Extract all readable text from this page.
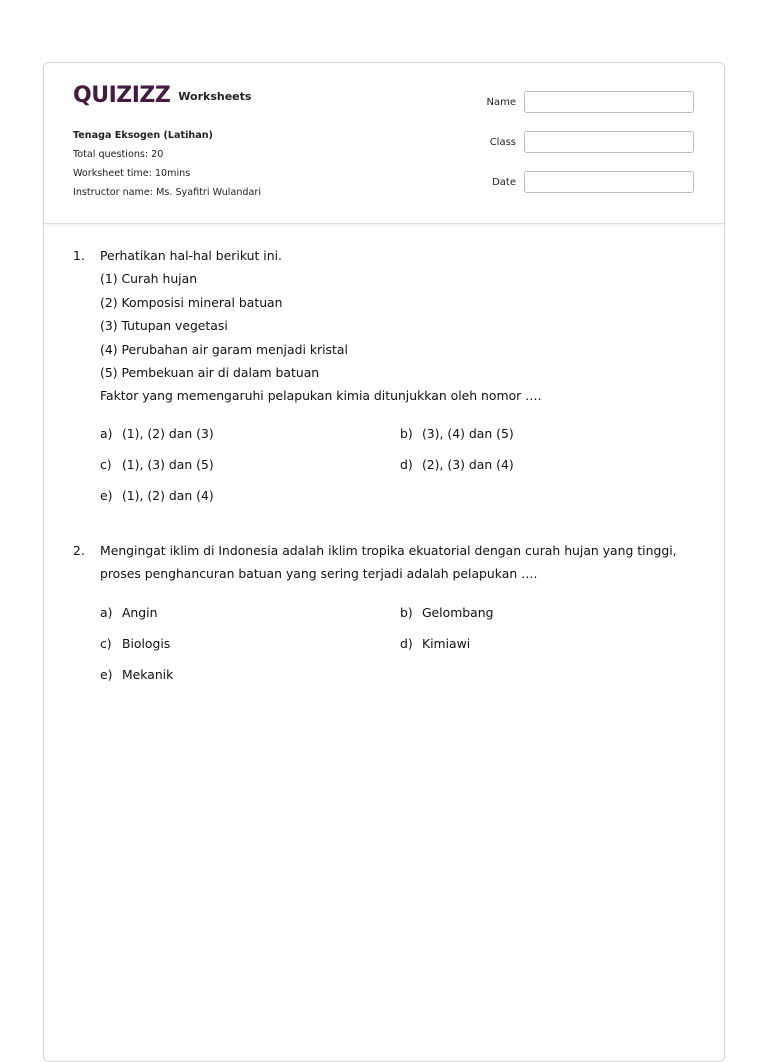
QUIZIZZ Worksheets
Tenaga Eksogen (Latihan)
Total questions: 20
Worksheet time: 10mins
Instructor name: Ms. Syafitri Wulandari
Name
Class
Date
1.	Perhatikan hal-hal berikut ini.
(1) Curah hujan
(2) Komposisi mineral batuan
(3) Tutupan vegetasi
(4) Perubahan air garam menjadi kristal
(5) Pembekuan air di dalam batuan
Faktor yang memengaruhi pelapukan kimia ditunjukkan oleh nomor ….
a) (1), (2) dan (3)	b) (3), (4) dan (5)
c) (1), (3) dan (5)	d) (2), (3) dan (4)
e) (1), (2) dan (4)
2.	Mengingat iklim di Indonesia adalah iklim tropika ekuatorial dengan curah hujan yang tinggi,
proses penghancuran batuan yang sering terjadi adalah pelapukan ….
a) Angin	b) Gelombang
c) Biologis	d) Kimiawi
e) Mekanik
